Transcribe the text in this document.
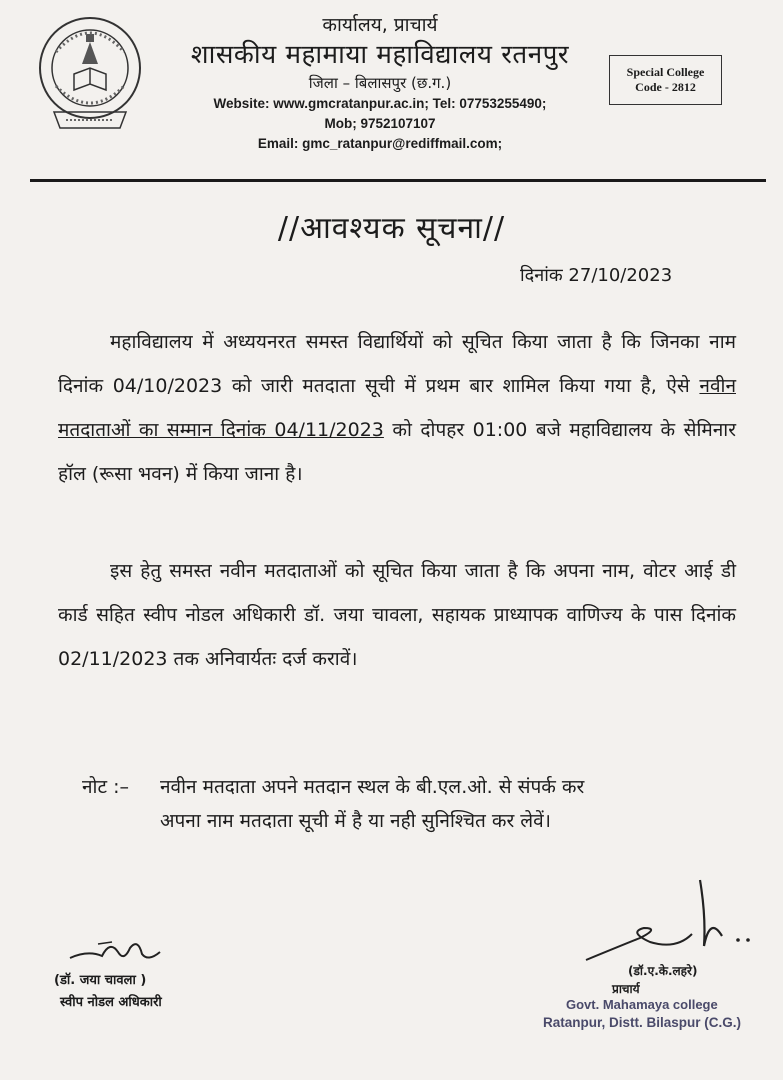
कार्यालय, प्राचार्य
शासकीय महामाया महाविद्यालय रतनपुर
जिला – बिलासपुर (छ.ग.)
Website: www.gmcratanpur.ac.in; Tel: 07753255490;
Mob; 9752107107
Email: gmc_ratanpur@rediffmail.com;
Special College
Code - 2812
//आवश्यक सूचना//
दिनांक 27/10/2023
महाविद्यालय में अध्ययनरत समस्त विद्यार्थियों को सूचित किया जाता है कि जिनका नाम दिनांक 04/10/2023 को जारी मतदाता सूची में प्रथम बार शामिल किया गया है, ऐसे नवीन मतदाताओं का सम्मान दिनांक 04/11/2023 को दोपहर 01:00 बजे महाविद्यालय के सेमिनार हॉल (रूसा भवन) में किया जाना है।
इस हेतु समस्त नवीन मतदाताओं को सूचित किया जाता है कि अपना नाम, वोटर आई डी कार्ड सहित स्वीप नोडल अधिकारी डॉ. जया चावला, सहायक प्राध्यापक वाणिज्य के पास दिनांक 02/11/2023 तक अनिवार्यतः दर्ज करावें।
नोट :– नवीन मतदाता अपने मतदान स्थल के बी.एल.ओ. से संपर्क कर
अपना नाम मतदाता सूची में है या नही सुनिश्चित कर लेवें।
(डॉ. जया चावला )
स्वीप नोडल अधिकारी
(डॉ.ए.के.लहरे)
प्राचार्य
Govt. Mahamaya college
Ratanpur, Distt. Bilaspur (C.G.)
